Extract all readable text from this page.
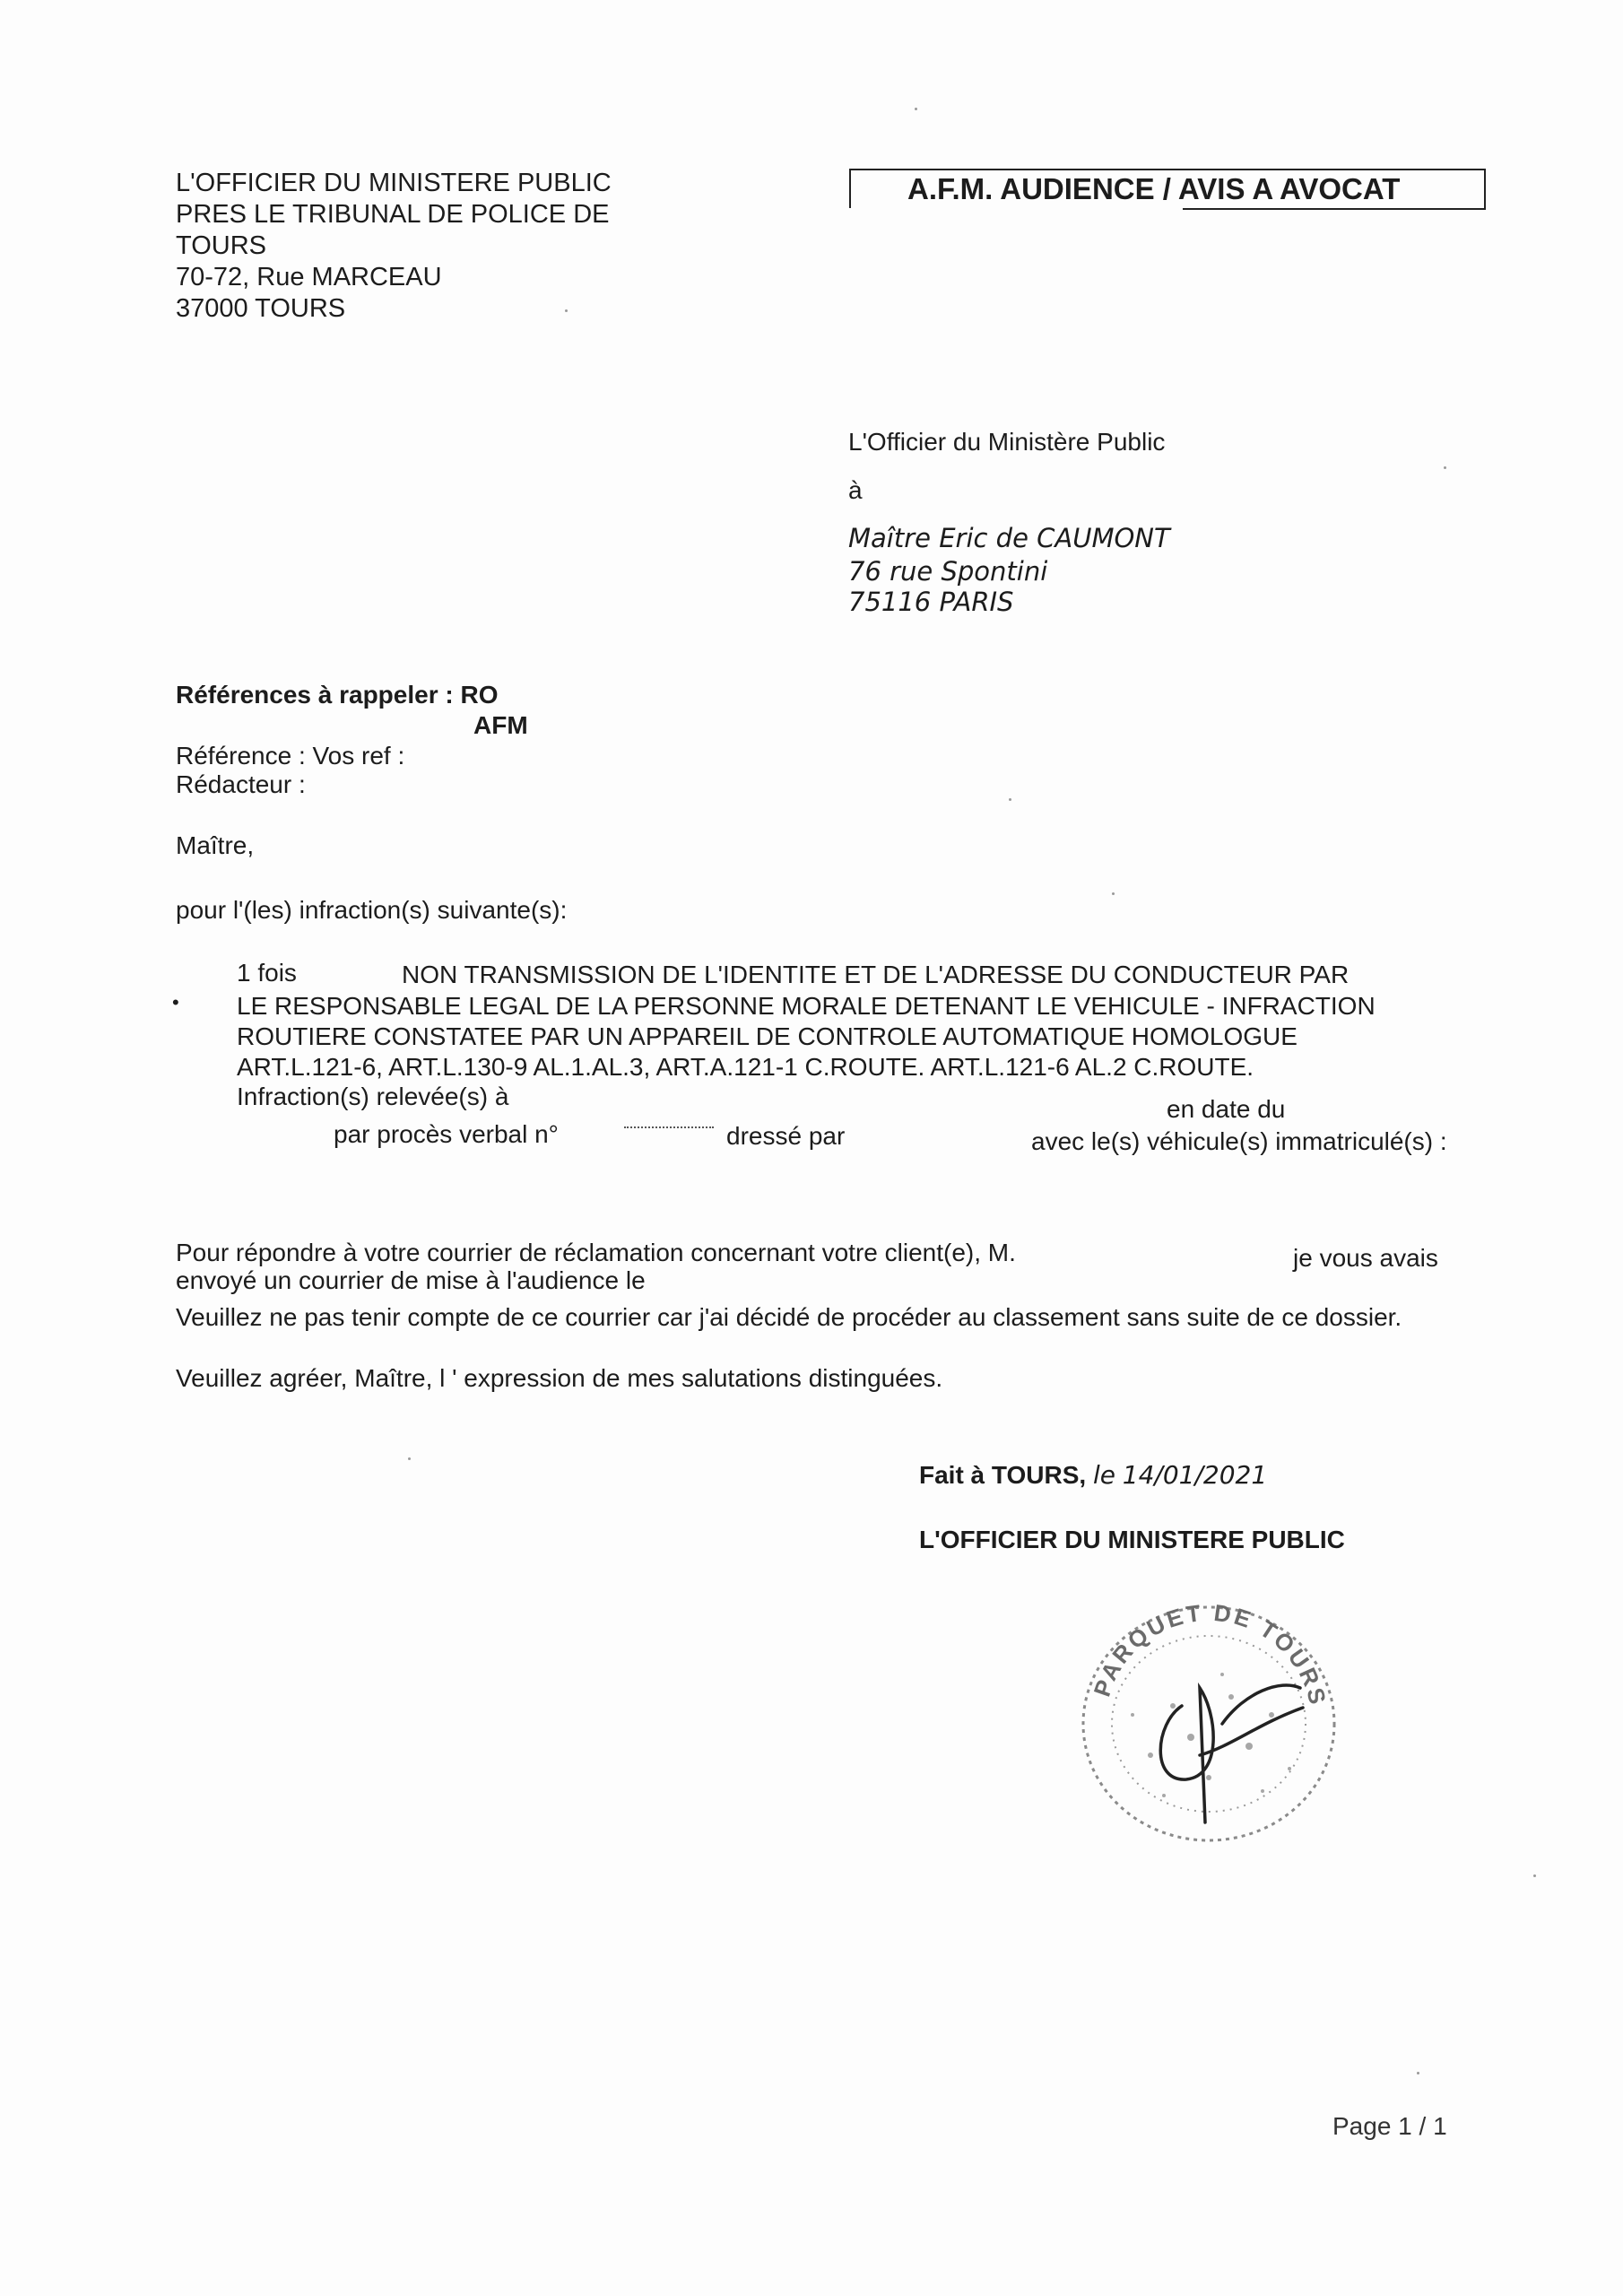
L'OFFICIER DU MINISTERE PUBLIC
PRES LE TRIBUNAL DE POLICE DE
TOURS
70-72, Rue MARCEAU
37000 TOURS
A.F.M. AUDIENCE / AVIS A AVOCAT
L'Officier du Ministère Public
à
Maître Eric de CAUMONT
76 rue Spontini
75116 PARIS
Références à rappeler : RO
AFM
Référence : Vos ref :
Rédacteur :
Maître,
pour l'(les) infraction(s) suivante(s):
•
1 fois	NON TRANSMISSION DE L'IDENTITE ET DE L'ADRESSE DU CONDUCTEUR PAR
LE RESPONSABLE LEGAL DE LA PERSONNE MORALE DETENANT LE VEHICULE - INFRACTION
ROUTIERE CONSTATEE PAR UN APPAREIL DE CONTROLE AUTOMATIQUE HOMOLOGUE
ART.L.121-6, ART.L.130-9 AL.1.AL.3, ART.A.121-1 C.ROUTE. ART.L.121-6 AL.2 C.ROUTE.
Infraction(s) relevée(s) à	en date du
par procès verbal n°	dressé par	avec le(s) véhicule(s) immatriculé(s) :
Pour répondre à votre courrier de réclamation concernant votre client(e), M.	je vous avais
envoyé un courrier de mise à l'audience le
Veuillez ne pas tenir compte de ce courrier car j'ai décidé de procéder au classement sans suite de ce dossier.
Veuillez agréer, Maître, l ' expression de mes salutations distinguées.
Fait à TOURS, le 14/01/2021
L'OFFICIER DU MINISTERE PUBLIC
PARQUET DE TOURS
Page 1 / 1
